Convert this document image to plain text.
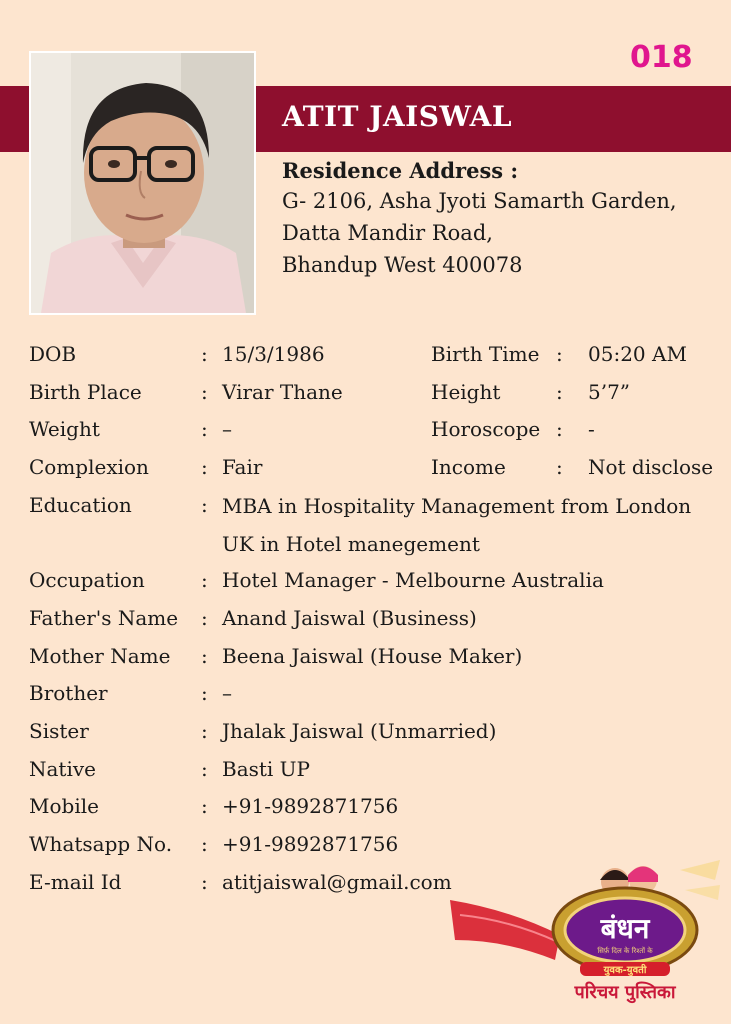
018
ATIT JAISWAL
Residence Address :
G- 2106, Asha Jyoti Samarth Garden,
Datta Mandir Road,
Bhandup West 400078
DOB	: 15/3/1986	Birth Time : 05:20 AM
Birth Place	: Virar Thane	Height	: 5’7”
Weight	: –	Horoscope : -
Complexion	: Fair	Income	: Not disclose
Education	: MBA in Hospitality Management from London UK in Hotel manegement
Occupation	: Hotel Manager - Melbourne Australia
Father's Name : Anand Jaiswal (Business)
Mother Name : Beena Jaiswal (House Maker)
Brother	: –
Sister	: Jhalak Jaiswal (Unmarried)
Native	: Basti UP
Mobile	: +91-9892871756
Whatsapp No. : +91-9892871756
E-mail Id	: atitjaiswal@gmail.com
बंधन
सिर्फ़ दिल के रिश्तों के
युवक-युवती
परिचय पुस्तिका
